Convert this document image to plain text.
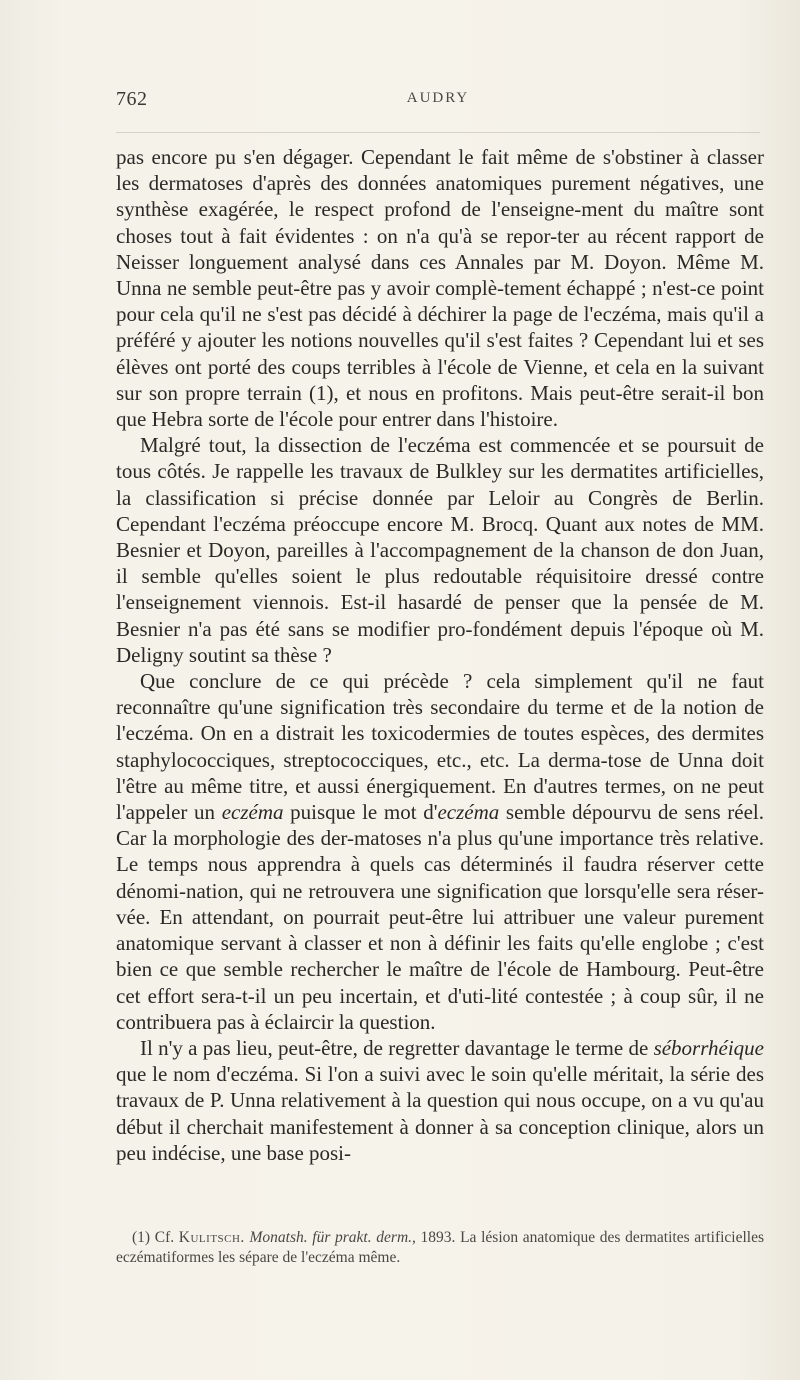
762	AUDRY

pas encore pu s'en dégager. Cependant le fait même de s'obstiner à classer les dermatoses d'après des données anatomiques purement négatives, une synthèse exagérée, le respect profond de l'enseigne-ment du maître sont choses tout à fait évidentes : on n'a qu'à se repor-ter au récent rapport de Neisser longuement analysé dans ces Annales par M. Doyon. Même M. Unna ne semble peut-être pas y avoir complè-tement échappé ; n'est-ce point pour cela qu'il ne s'est pas décidé à déchirer la page de l'eczéma, mais qu'il a préféré y ajouter les notions nouvelles qu'il s'est faites ? Cependant lui et ses élèves ont porté des coups terribles à l'école de Vienne, et cela en la suivant sur son propre terrain (1), et nous en profitons. Mais peut-être serait-il bon que Hebra sorte de l'école pour entrer dans l'histoire.

Malgré tout, la dissection de l'eczéma est commencée et se poursuit de tous côtés. Je rappelle les travaux de Bulkley sur les dermatites artificielles, la classification si précise donnée par Leloir au Congrès de Berlin. Cependant l'eczéma préoccupe encore M. Brocq. Quant aux notes de MM. Besnier et Doyon, pareilles à l'accompagnement de la chanson de don Juan, il semble qu'elles soient le plus redoutable réquisitoire dressé contre l'enseignement viennois. Est-il hasardé de penser que la pensée de M. Besnier n'a pas été sans se modifier pro-fondément depuis l'époque où M. Deligny soutint sa thèse ?

Que conclure de ce qui précède ? cela simplement qu'il ne faut reconnaître qu'une signification très secondaire du terme et de la notion de l'eczéma. On en a distrait les toxicodermies de toutes espèces, des dermites staphylococciques, streptococciques, etc., etc. La derma-tose de Unna doit l'être au même titre, et aussi énergiquement. En d'autres termes, on ne peut l'appeler un eczéma puisque le mot d'eczéma semble dépourvu de sens réel. Car la morphologie des der-matoses n'a plus qu'une importance très relative. Le temps nous apprendra à quels cas déterminés il faudra réserver cette dénomi-nation, qui ne retrouvera une signification que lorsqu'elle sera réser-vée. En attendant, on pourrait peut-être lui attribuer une valeur purement anatomique servant à classer et non à définir les faits qu'elle englobe ; c'est bien ce que semble rechercher le maître de l'école de Hambourg. Peut-être cet effort sera-t-il un peu incertain, et d'uti-lité contestée ; à coup sûr, il ne contribuera pas à éclaircir la question.

Il n'y a pas lieu, peut-être, de regretter davantage le terme de séborrhéique que le nom d'eczéma. Si l'on a suivi avec le soin qu'elle méritait, la série des travaux de P. Unna relativement à la question qui nous occupe, on a vu qu'au début il cherchait manifestement à donner à sa conception clinique, alors un peu indécise, une base posi-

(1) Cf. Kulitsch. Monatsh. für prakt. derm., 1893. La lésion anatomique des dermatites artificielles eczématiformes les sépare de l'eczéma même.
